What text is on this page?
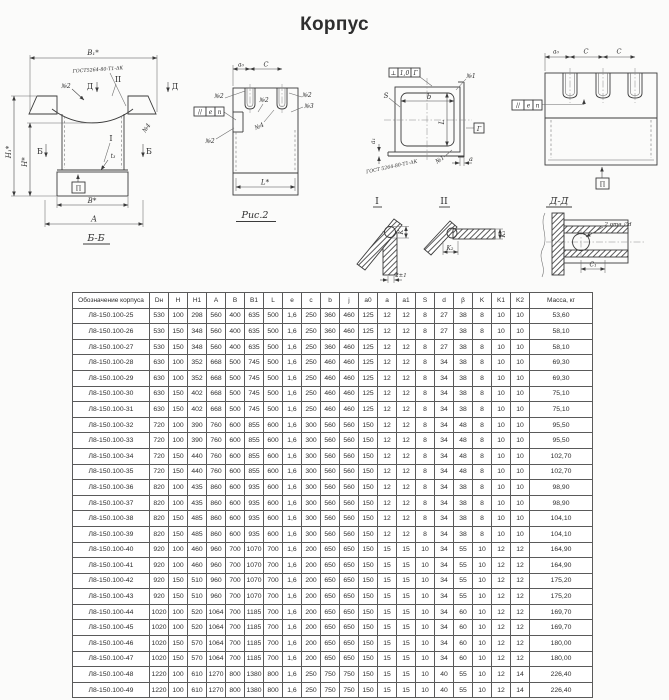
Корпус
B₁*
ГОСТ5264-80-Т1-ΔК
№2 Д	Д
II
№4
H₁*
H*
Б	Б
I
t₃
П
B*
A
Б-Б
a₀	C
№2
№2
№2
№4
№2
№3
// е п
L*
Рис.2
⊥ 1,0 Г	№1
S	b
L
Г
a₁
ГОСТ 5264-80-Т1-ΔК	№1	a
a₀	C	C
// е п
П
I
K
2±1
II
K₂
K₁
Д-Д
2 отв ∅d
C₁
Обозначение корпуса	Dн	H	H1	A	B	B1	L	e	c	b	j	a0	a	a1	S	d	β	K	K1	K2	Масса, кг
Л8-150.100-25	530	100	298	560	400	635	500	1,6	250	360	460	125	12	12	8	27	38	8	10	10	53,60
Л8-150.100-26	530	150	348	560	400	635	500	1,6	250	360	460	125	12	12	8	27	38	8	10	10	58,10
Л8-150.100-27	530	150	348	560	400	635	500	1,6	250	360	460	125	12	12	8	27	38	8	10	10	58,10
Л8-150.100-28	630	100	352	668	500	745	500	1,6	250	460	460	125	12	12	8	34	38	8	10	10	69,30
Л8-150.100-29	630	100	352	668	500	745	500	1,6	250	460	460	125	12	12	8	34	38	8	10	10	69,30
Л8-150.100-30	630	150	402	668	500	745	500	1,6	250	460	460	125	12	12	8	34	38	8	10	10	75,10
Л8-150.100-31	630	150	402	668	500	745	500	1,6	250	460	460	125	12	12	8	34	38	8	10	10	75,10
Л8-150.100-32	720	100	390	760	600	855	600	1,6	300	560	560	150	12	12	8	34	48	8	10	10	95,50
Л8-150.100-33	720	100	390	760	600	855	600	1,6	300	560	560	150	12	12	8	34	48	8	10	10	95,50
Л8-150.100-34	720	150	440	760	600	855	600	1,6	300	560	560	150	12	12	8	34	48	8	10	10	102,70
Л8-150.100-35	720	150	440	760	600	855	600	1,6	300	560	560	150	12	12	8	34	48	8	10	10	102,70
Л8-150.100-36	820	100	435	860	600	935	600	1,6	300	560	560	150	12	12	8	34	38	8	10	10	98,90
Л8-150.100-37	820	100	435	860	600	935	600	1,6	300	560	560	150	12	12	8	34	38	8	10	10	98,90
Л8-150.100-38	820	150	485	860	600	935	600	1,6	300	560	560	150	12	12	8	34	38	8	10	10	104,10
Л8-150.100-39	820	150	485	860	600	935	600	1,6	300	560	560	150	12	12	8	34	38	8	10	10	104,10
Л8-150.100-40	920	100	460	960	700	1070	700	1,6	200	650	650	150	15	15	10	34	55	10	12	12	164,90
Л8-150.100-41	920	100	460	960	700	1070	700	1,6	200	650	650	150	15	15	10	34	55	10	12	12	164,90
Л8-150.100-42	920	150	510	960	700	1070	700	1,6	200	650	650	150	15	15	10	34	55	10	12	12	175,20
Л8-150.100-43	920	150	510	960	700	1070	700	1,6	200	650	650	150	15	15	10	34	55	10	12	12	175,20
Л8-150.100-44	1020	100	520	1064	700	1185	700	1,6	200	650	650	150	15	15	10	34	60	10	12	12	169,70
Л8-150.100-45	1020	100	520	1064	700	1185	700	1,6	200	650	650	150	15	15	10	34	60	10	12	12	169,70
Л8-150.100-46	1020	150	570	1064	700	1185	700	1,6	200	650	650	150	15	15	10	34	60	10	12	12	180,00
Л8-150.100-47	1020	150	570	1064	700	1185	700	1,6	200	650	650	150	15	15	10	34	60	10	12	12	180,00
Л8-150.100-48	1220	100	610	1270	800	1380	800	1,6	250	750	750	150	15	15	10	40	55	10	12	14	226,40
Л8-150.100-49	1220	100	610	1270	800	1380	800	1,6	250	750	750	150	15	15	10	40	55	10	12	14	226,40
